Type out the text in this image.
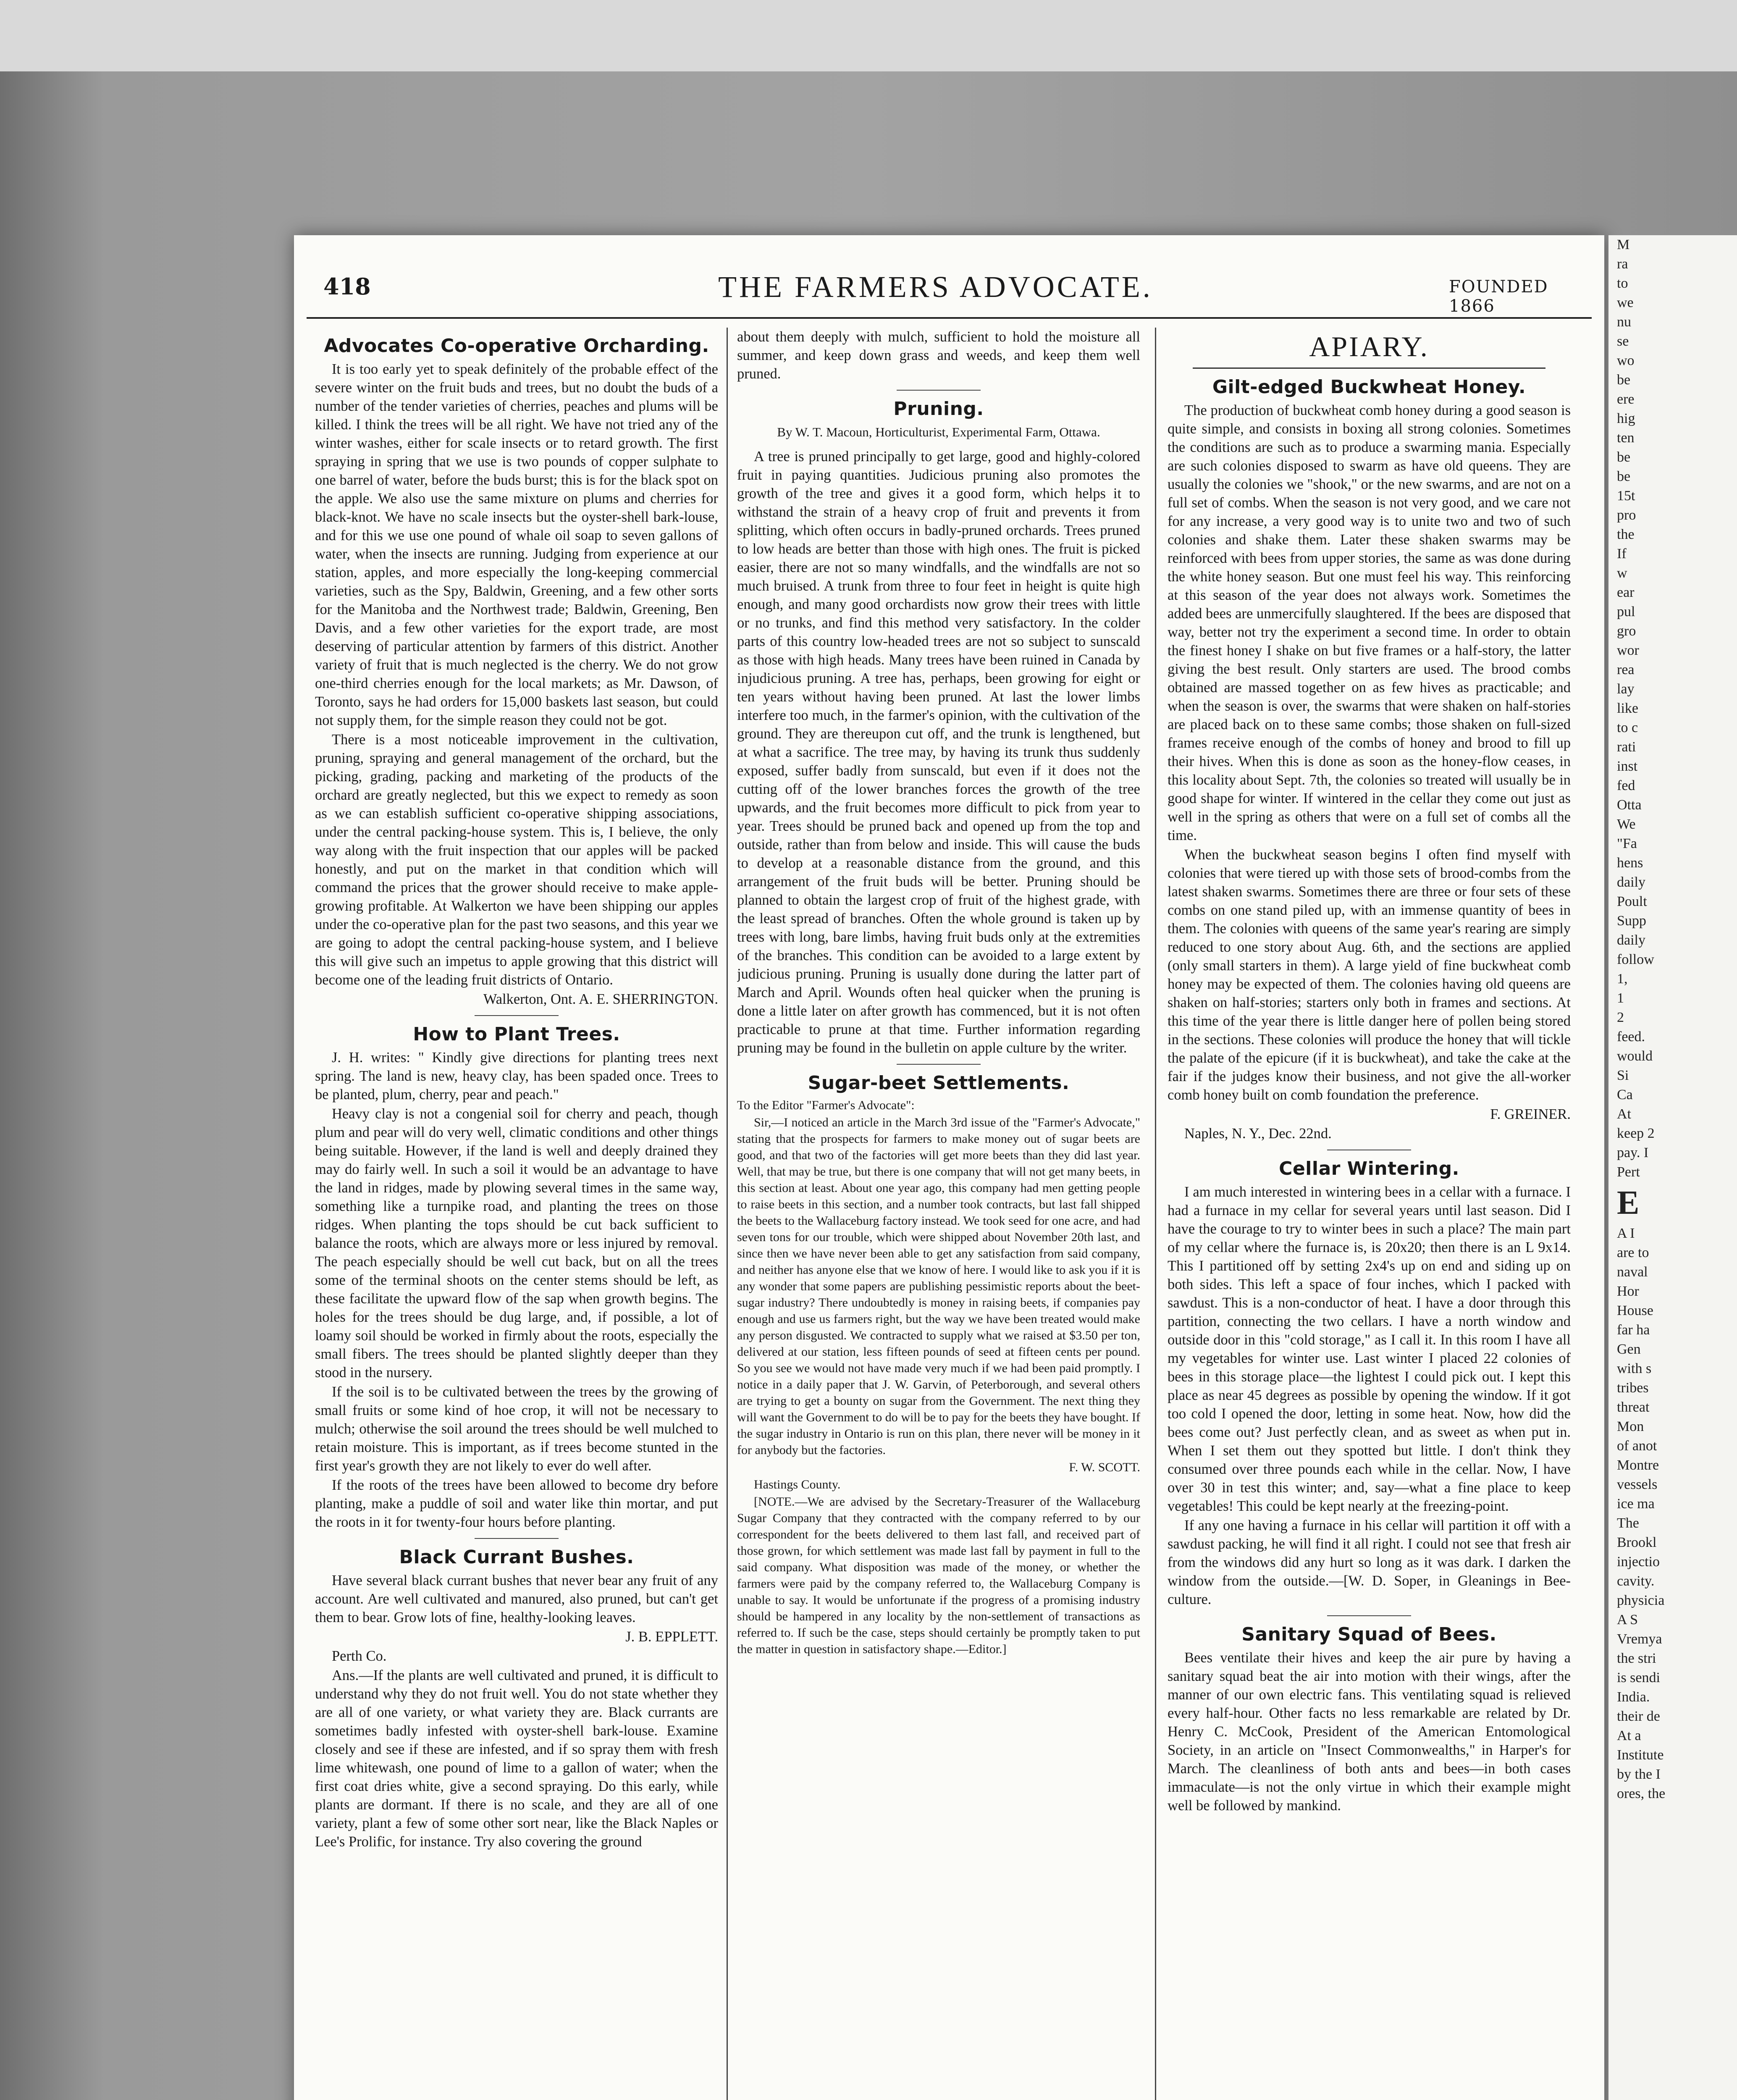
418	THE FARMERS ADVOCATE.	FOUNDED 1866
Advocates Co-operative Orcharding.

It is too early yet to speak definitely of the probable effect of the severe winter on the fruit buds and trees, but no doubt the buds of a number of the tender varieties of cherries, peaches and plums will be killed. I think the trees will be all right. We have not tried any of the winter washes, either for scale insects or to retard growth. The first spraying in spring that we use is two pounds of copper sulphate to one barrel of water, before the buds burst; this is for the black spot on the apple. We also use the same mixture on plums and cherries for black-knot. We have no scale insects but the oyster-shell bark-louse, and for this we use one pound of whale oil soap to seven gallons of water, when the insects are running. Judging from experience at our station, apples, and more especially the long-keeping commercial varieties, such as the Spy, Baldwin, Greening, and a few other sorts for the Manitoba and the Northwest trade; Baldwin, Greening, Ben Davis, and a few other varieties for the export trade, are most deserving of particular attention by farmers of this district. Another variety of fruit that is much neglected is the cherry. We do not grow one-third cherries enough for the local markets; as Mr. Dawson, of Toronto, says he had orders for 15,000 baskets last season, but could not supply them, for the simple reason they could not be got.

There is a most noticeable improvement in the cultivation, pruning, spraying and general management of the orchard, but the picking, grading, packing and marketing of the products of the orchard are greatly neglected, but this we expect to remedy as soon as we can establish sufficient co-operative shipping associations, under the central packing-house system. This is, I believe, the only way along with the fruit inspection that our apples will be packed honestly, and put on the market in that condition which will command the prices that the grower should receive to make apple-growing profitable. At Walkerton we have been shipping our apples under the co-operative plan for the past two seasons, and this year we are going to adopt the central packing-house system, and I believe this will give such an impetus to apple growing that this district will become one of the leading fruit districts of Ontario.

Walkerton, Ont. A. E. SHERRINGTON.

How to Plant Trees.

J. H. writes: " Kindly give directions for planting trees next spring. The land is new, heavy clay, has been spaded once. Trees to be planted, plum, cherry, pear and peach."

Heavy clay is not a congenial soil for cherry and peach, though plum and pear will do very well, climatic conditions and other things being suitable. However, if the land is well and deeply drained they may do fairly well. In such a soil it would be an advantage to have the land in ridges, made by plowing several times in the same way, something like a turnpike road, and planting the trees on those ridges. When planting the tops should be cut back sufficient to balance the roots, which are always more or less injured by removal. The peach especially should be well cut back, but on all the trees some of the terminal shoots on the center stems should be left, as these facilitate the upward flow of the sap when growth begins. The holes for the trees should be dug large, and, if possible, a lot of loamy soil should be worked in firmly about the roots, especially the small fibers. The trees should be planted slightly deeper than they stood in the nursery.

If the soil is to be cultivated between the trees by the growing of small fruits or some kind of hoe crop, it will not be necessary to mulch; otherwise the soil around the trees should be well mulched to retain moisture. This is important, as if trees become stunted in the first year's growth they are not likely to ever do well after.

If the roots of the trees have been allowed to become dry before planting, make a puddle of soil and water like thin mortar, and put the roots in it for twenty-four hours before planting.

Black Currant Bushes.

Have several black currant bushes that never bear any fruit of any account. Are well cultivated and manured, also pruned, but can't get them to bear. Grow lots of fine, healthy-looking leaves.

J. B. EPPLETT.

Perth Co.

Ans.—If the plants are well cultivated and pruned, it is difficult to understand why they do not fruit well. You do not state whether they are all of one variety, or what variety they are. Black currants are sometimes badly infested with oyster-shell bark-louse. Examine closely and see if these are infested, and if so spray them with fresh lime whitewash, one pound of lime to a gallon of water; when the first coat dries white, give a second spraying. Do this early, while plants are dormant. If there is no scale, and they are all of one variety, plant a few of some other sort near, like the Black Naples or Lee's Prolific, for instance. Try also covering the ground

about them deeply with mulch, sufficient to hold the moisture all summer, and keep down grass and weeds, and keep them well pruned.

Pruning.

By W. T. Macoun, Horticulturist, Experimental Farm, Ottawa.

A tree is pruned principally to get large, good and highly-colored fruit in paying quantities. Judicious pruning also promotes the growth of the tree and gives it a good form, which helps it to withstand the strain of a heavy crop of fruit and prevents it from splitting, which often occurs in badly-pruned orchards. Trees pruned to low heads are better than those with high ones. The fruit is picked easier, there are not so many windfalls, and the windfalls are not so much bruised. A trunk from three to four feet in height is quite high enough, and many good orchardists now grow their trees with little or no trunks, and find this method very satisfactory. In the colder parts of this country low-headed trees are not so subject to sunscald as those with high heads. Many trees have been ruined in Canada by injudicious pruning. A tree has, perhaps, been growing for eight or ten years without having been pruned. At last the lower limbs interfere too much, in the farmer's opinion, with the cultivation of the ground. They are thereupon cut off, and the trunk is lengthened, but at what a sacrifice. The tree may, by having its trunk thus suddenly exposed, suffer badly from sunscald, but even if it does not the cutting off of the lower branches forces the growth of the tree upwards, and the fruit becomes more difficult to pick from year to year. Trees should be pruned back and opened up from the top and outside, rather than from below and inside. This will cause the buds to develop at a reasonable distance from the ground, and this arrangement of the fruit buds will be better. Pruning should be planned to obtain the largest crop of fruit of the highest grade, with the least spread of branches. Often the whole ground is taken up by trees with long, bare limbs, having fruit buds only at the extremities of the branches. This condition can be avoided to a large extent by judicious pruning. Pruning is usually done during the latter part of March and April. Wounds often heal quicker when the pruning is done a little later on after growth has commenced, but it is not often practicable to prune at that time. Further information regarding pruning may be found in the bulletin on apple culture by the writer.

Sugar-beet Settlements.

To the Editor "Farmer's Advocate":

Sir,—I noticed an article in the March 3rd issue of the "Farmer's Advocate," stating that the prospects for farmers to make money out of sugar beets are good, and that two of the factories will get more beets than they did last year. Well, that may be true, but there is one company that will not get many beets, in this section at least. About one year ago, this company had men getting people to raise beets in this section, and a number took contracts, but last fall shipped the beets to the Wallaceburg factory instead. We took seed for one acre, and had seven tons for our trouble, which were shipped about November 20th last, and since then we have never been able to get any satisfaction from said company, and neither has anyone else that we know of here. I would like to ask you if it is any wonder that some papers are publishing pessimistic reports about the beet-sugar industry? There undoubtedly is money in raising beets, if companies pay enough and use us farmers right, but the way we have been treated would make any person disgusted. We contracted to supply what we raised at $3.50 per ton, delivered at our station, less fifteen pounds of seed at fifteen cents per pound. So you see we would not have made very much if we had been paid promptly. I notice in a daily paper that J. W. Garvin, of Peterborough, and several others are trying to get a bounty on sugar from the Government. The next thing they will want the Government to do will be to pay for the beets they have bought. If the sugar industry in Ontario is run on this plan, there never will be money in it for anybody but the factories.

F. W. SCOTT.

Hastings County.

[NOTE.—We are advised by the Secretary-Treasurer of the Wallaceburg Sugar Company that they contracted with the company referred to by our correspondent for the beets delivered to them last fall, and received part of those grown, for which settlement was made last fall by payment in full to the said company. What disposition was made of the money, or whether the farmers were paid by the company referred to, the Wallaceburg Company is unable to say. It would be unfortunate if the progress of a promising industry should be hampered in any locality by the non-settlement of transactions as referred to. If such be the case, steps should certainly be promptly taken to put the matter in question in satisfactory shape.—Editor.]

APIARY.
Gilt-edged Buckwheat Honey.

The production of buckwheat comb honey during a good season is quite simple, and consists in boxing all strong colonies. Sometimes the conditions are such as to produce a swarming mania. Especially are such colonies disposed to swarm as have old queens. They are usually the colonies we "shook," or the new swarms, and are not on a full set of combs. When the season is not very good, and we care not for any increase, a very good way is to unite two and two of such colonies and shake them. Later these shaken swarms may be reinforced with bees from upper stories, the same as was done during the white honey season. But one must feel his way. This reinforcing at this season of the year does not always work. Sometimes the added bees are unmercifully slaughtered. If the bees are disposed that way, better not try the experiment a second time. In order to obtain the finest honey I shake on but five frames or a half-story, the latter giving the best result. Only starters are used. The brood combs obtained are massed together on as few hives as practicable; and when the season is over, the swarms that were shaken on half-stories are placed back on to these same combs; those shaken on full-sized frames receive enough of the combs of honey and brood to fill up their hives. When this is done as soon as the honey-flow ceases, in this locality about Sept. 7th, the colonies so treated will usually be in good shape for winter. If wintered in the cellar they come out just as well in the spring as others that were on a full set of combs all the time.

When the buckwheat season begins I often find myself with colonies that were tiered up with those sets of brood-combs from the latest shaken swarms. Sometimes there are three or four sets of these combs on one stand piled up, with an immense quantity of bees in them. The colonies with queens of the same year's rearing are simply reduced to one story about Aug. 6th, and the sections are applied (only small starters in them). A large yield of fine buckwheat comb honey may be expected of them. The colonies having old queens are shaken on half-stories; starters only both in frames and sections. At this time of the year there is little danger here of pollen being stored in the sections. These colonies will produce the honey that will tickle the palate of the epicure (if it is buckwheat), and take the cake at the fair if the judges know their business, and not give the all-worker comb honey built on comb foundation the preference.

F. GREINER.

Naples, N. Y., Dec. 22nd.

Cellar Wintering.

I am much interested in wintering bees in a cellar with a furnace. I had a furnace in my cellar for several years until last season. Did I have the courage to try to winter bees in such a place? The main part of my cellar where the furnace is, is 20x20; then there is an L 9x14. This I partitioned off by setting 2x4's up on end and siding up on both sides. This left a space of four inches, which I packed with sawdust. This is a non-conductor of heat. I have a door through this partition, connecting the two cellars. I have a north window and outside door in this "cold storage," as I call it. In this room I have all my vegetables for winter use. Last winter I placed 22 colonies of bees in this storage place—the lightest I could pick out. I kept this place as near 45 degrees as possible by opening the window. If it got too cold I opened the door, letting in some heat. Now, how did the bees come out? Just perfectly clean, and as sweet as when put in. When I set them out they spotted but little. I don't think they consumed over three pounds each while in the cellar. Now, I have over 30 in test this winter; and, say—what a fine place to keep vegetables! This could be kept nearly at the freezing-point.

If any one having a furnace in his cellar will partition it off with a sawdust packing, he will find it all right. I could not see that fresh air from the windows did any hurt so long as it was dark. I darken the window from the outside.—[W. D. Soper, in Gleanings in Bee-culture.

Sanitary Squad of Bees.

Bees ventilate their hives and keep the air pure by having a sanitary squad beat the air into motion with their wings, after the manner of our own electric fans. This ventilating squad is relieved every half-hour. Other facts no less remarkable are related by Dr. Henry C. McCook, President of the American Entomological Society, in an article on "Insect Commonwealths," in Harper's for March. The cleanliness of both ants and bees—in both cases immaculate—is not the only virtue in which their example might well be followed by mankind.

M
ra
to
we
nu
se
wo
be
ere
hig
ten
be
be
15t
pro
the
If
w
ear
pul
gro
wor
rea
lay
like
to c
rati
inst
fed
Otta
We
"Fa
hens
daily
Poult
Supp
daily
follow
1,
1
2
feed.
would
Si
Ca
At
keep 2
pay. I
Pert
E
A I
are to
naval
Hor
House
far ha
Gen
with s
tribes
threat
Mon
of anot
Montre
vessels
ice ma
The
Brookl
injectio
cavity.
physicia
A S
Vremya
the stri
is sendi
India.
their de
At a
Institute
by the I
ores, the
